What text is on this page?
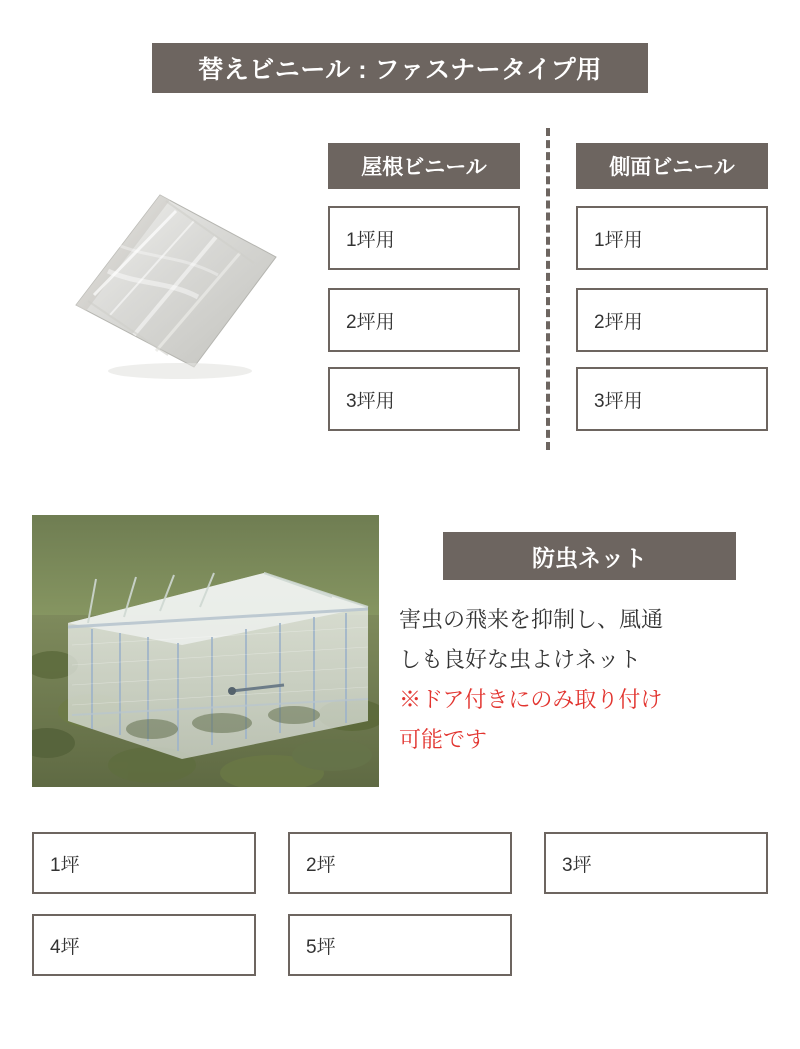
替えビニール : ファスナータイプ用
屋根ビニール
1坪用
2坪用
3坪用
側面ビニール
1坪用
2坪用
3坪用
防虫ネット
害虫の飛来を抑制し、風通
しも良好な虫よけネット
※ドア付きにのみ取り付け
可能です
1坪	2坪	3坪
4坪	5坪
